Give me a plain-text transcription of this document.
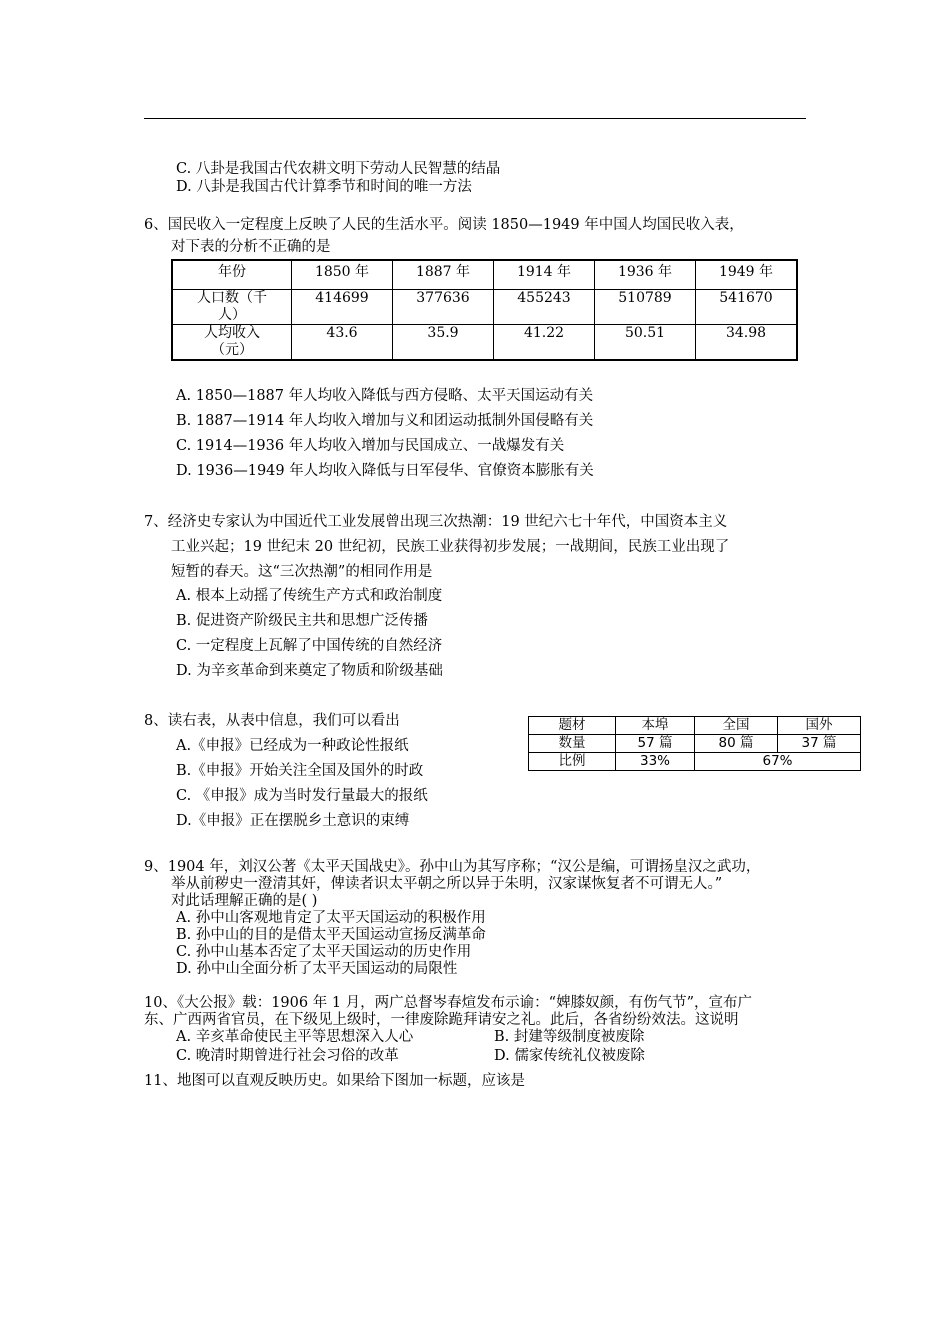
C. 八卦是我国古代农耕文明下劳动人民智慧的结晶
D. 八卦是我国古代计算季节和时间的唯一方法
6、国民收入一定程度上反映了人民的生活水平。阅读 1850—1949 年中国人均国民收入表，
对下表的分析不正确的是
年份	1850 年	1887 年	1914 年	1936 年	1949 年

人口数（千
人）	414699	377636	455243	510789	541670

人均收入
（元）	43.6	35.9	41.22	50.51	34.98
A. 1850—1887 年人均收入降低与西方侵略、太平天国运动有关
B. 1887—1914 年人均收入增加与义和团运动抵制外国侵略有关
C. 1914—1936 年人均收入增加与民国成立、一战爆发有关
D. 1936—1949 年人均收入降低与日军侵华、官僚资本膨胀有关
7、经济史专家认为中国近代工业发展曾出现三次热潮：19 世纪六七十年代，中国资本主义
工业兴起；19 世纪末 20 世纪初，民族工业获得初步发展；一战期间，民族工业出现了
短暂的春天。这“三次热潮”的相同作用是
A. 根本上动摇了传统生产方式和政治制度
B. 促进资产阶级民主共和思想广泛传播
C. 一定程度上瓦解了中国传统的自然经济
D. 为辛亥革命到来奠定了物质和阶级基础
8、读右表，从表中信息，我们可以看出
A.《申报》已经成为一种政论性报纸
B.《申报》开始关注全国及国外的时政
C. 《申报》成为当时发行量最大的报纸
D.《申报》正在摆脱乡土意识的束缚
题材	本埠	全国	国外
数量	57 篇	80 篇	37 篇
比例	33%	67%	
9、1904 年，刘汉公著《太平天国战史》。孙中山为其写序称；“汉公是编，可谓扬皇汉之武功，
举从前秽史一澄清其奸，俾读者识太平朝之所以异于朱明，汉家谋恢复者不可谓无人。”
对此话理解正确的是( )
A. 孙中山客观地肯定了太平天国运动的积极作用
B. 孙中山的目的是借太平天国运动宣扬反满革命
C. 孙中山基本否定了太平天国运动的历史作用
D. 孙中山全面分析了太平天国运动的局限性
10、《大公报》载：1906 年 1 月，两广总督岑春煊发布示谕：“婢膝奴颜，有伤气节”，宣布广
东、广西两省官员，在下级见上级时，一律废除跪拜请安之礼。此后，各省纷纷效法。这说明
A. 辛亥革命使民主平等思想深入人心	B. 封建等级制度被废除
C. 晚清时期曾进行社会习俗的改革	D. 儒家传统礼仪被废除
11、地图可以直观反映历史。如果给下图加一标题，应该是
